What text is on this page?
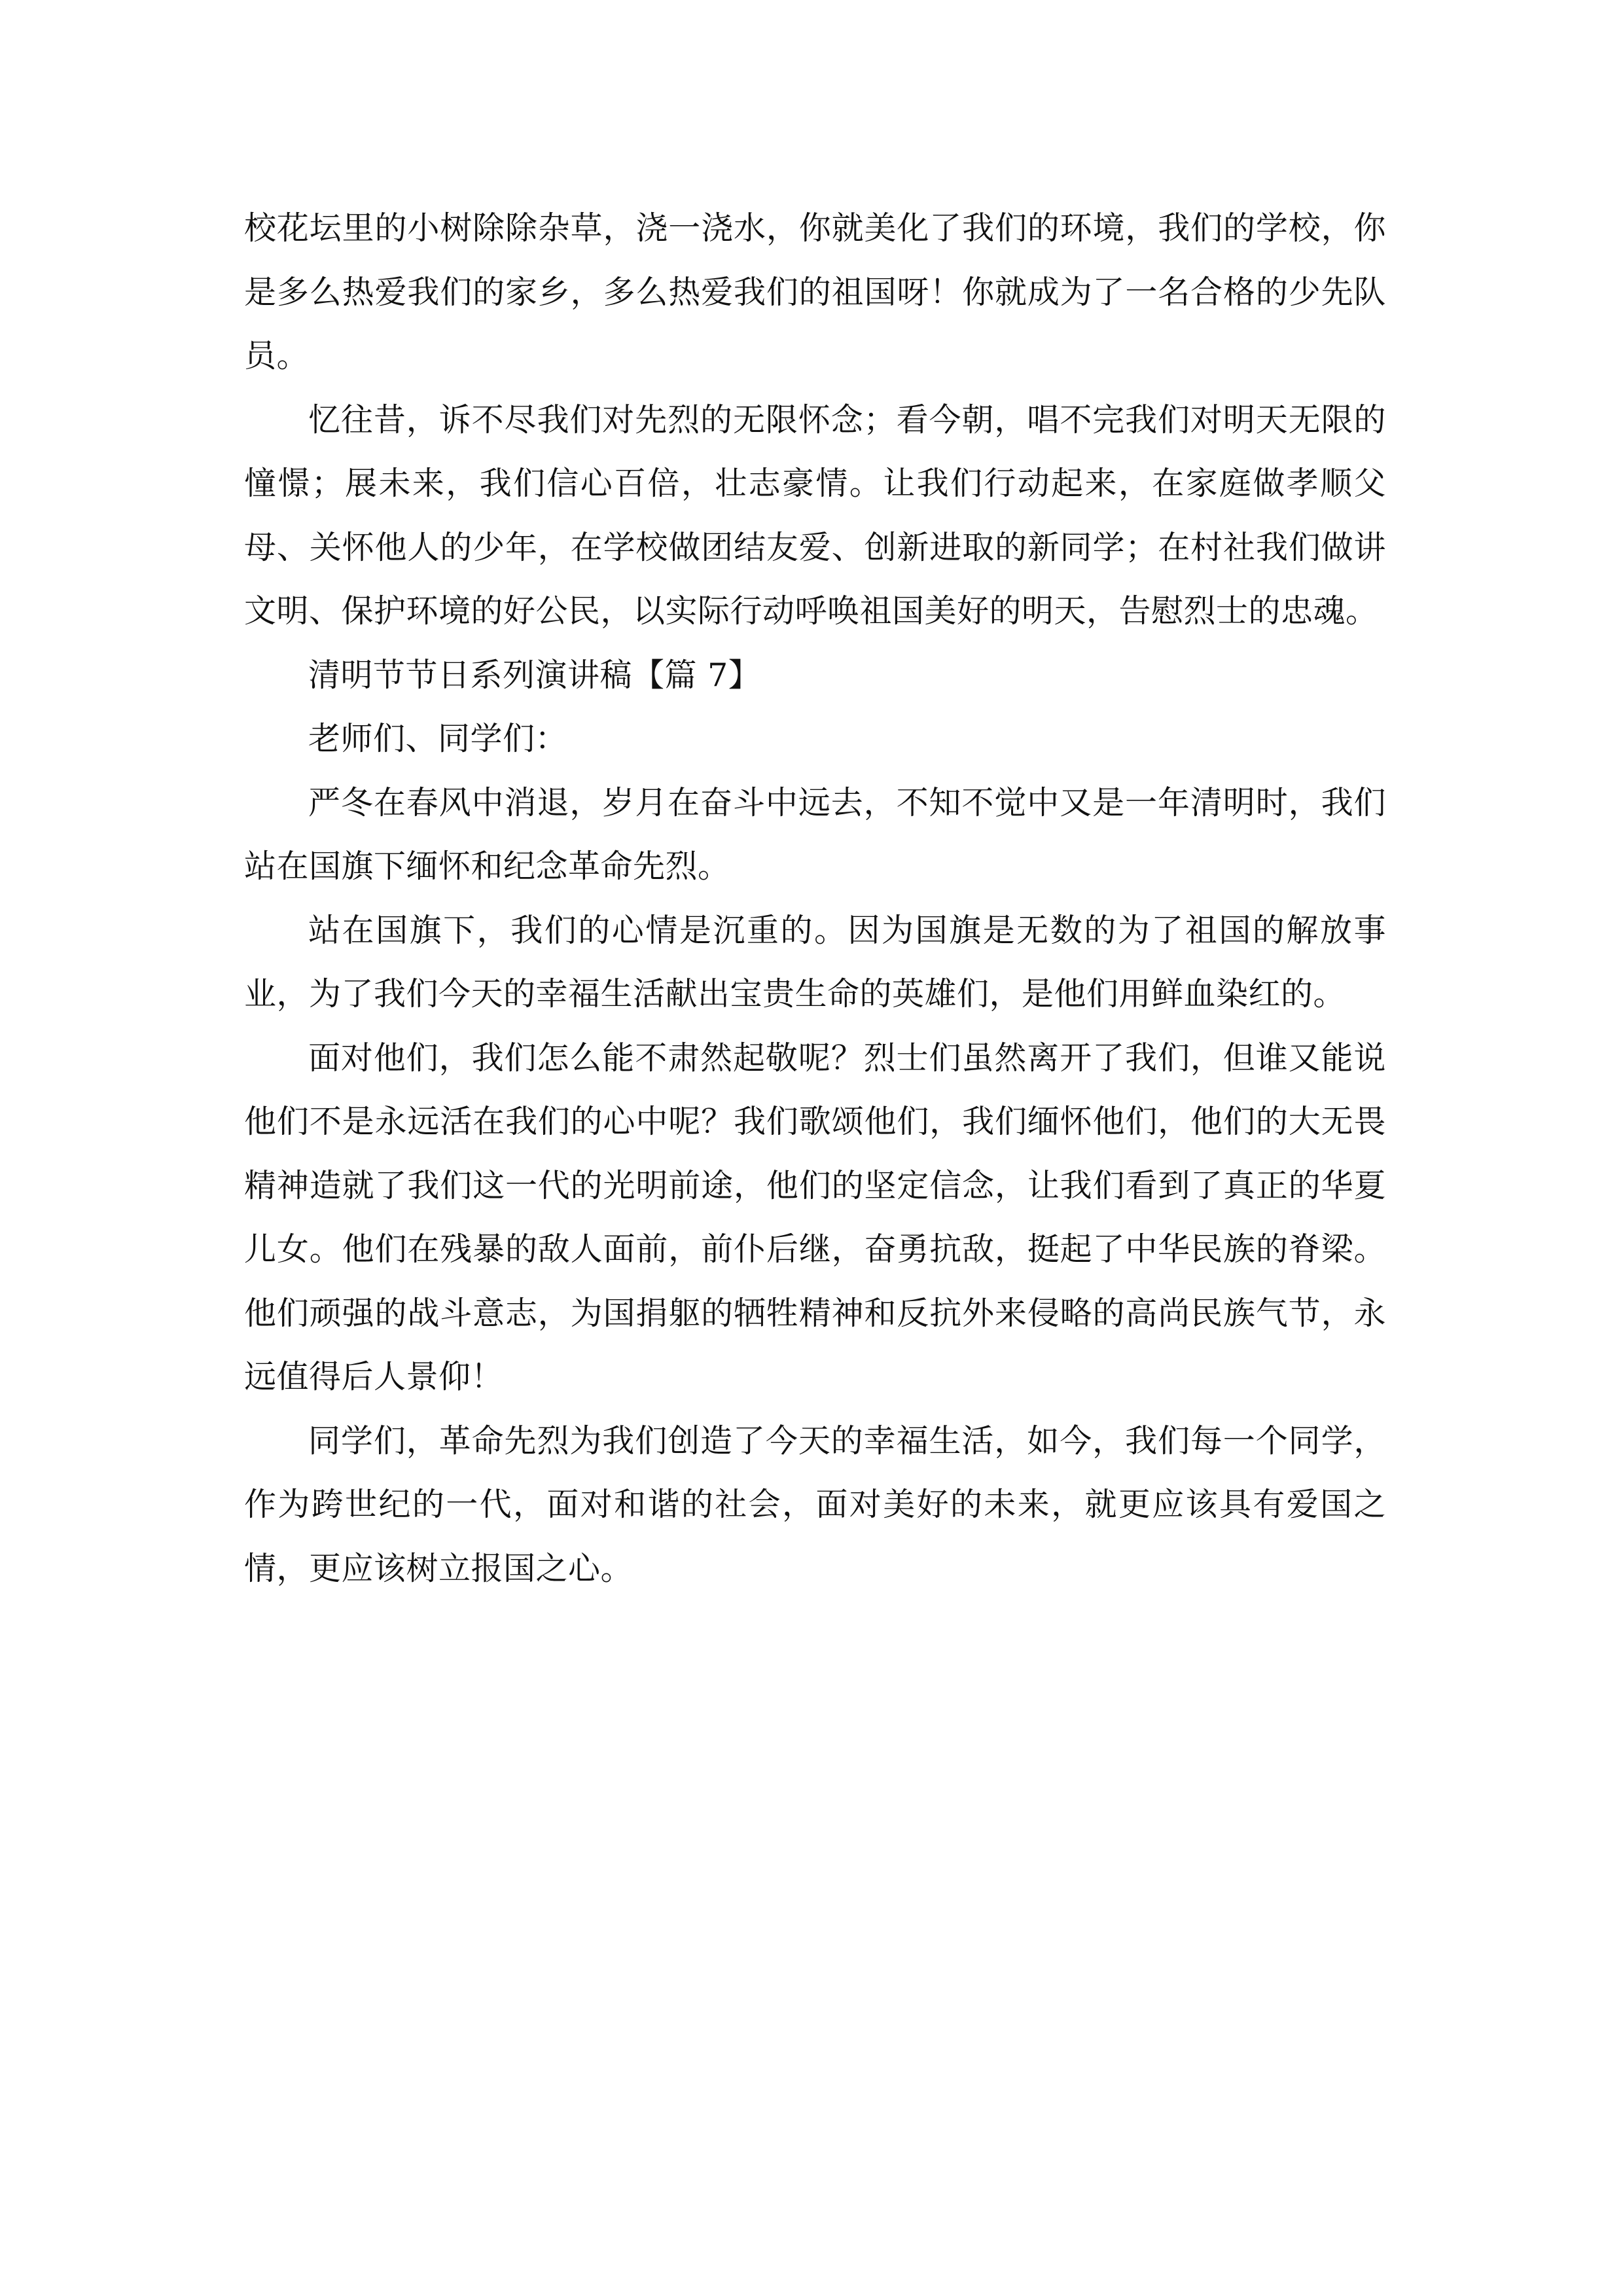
校花坛里的小树除除杂草，浇一浇水，你就美化了我们的环境，我们的学校，你是多么热爱我们的家乡，多么热爱我们的祖国呀！你就成为了一名合格的少先队员。

忆往昔，诉不尽我们对先烈的无限怀念；看今朝，唱不完我们对明天无限的憧憬；展未来，我们信心百倍，壮志豪情。让我们行动起来，在家庭做孝顺父母、关怀他人的少年，在学校做团结友爱、创新进取的新同学；在村社我们做讲文明、保护环境的好公民，以实际行动呼唤祖国美好的明天，告慰烈士的忠魂。

清明节节日系列演讲稿【篇 7】

老师们、同学们：

严冬在春风中消退，岁月在奋斗中远去，不知不觉中又是一年清明时，我们站在国旗下缅怀和纪念革命先烈。

站在国旗下，我们的心情是沉重的。因为国旗是无数的为了祖国的解放事业，为了我们今天的幸福生活献出宝贵生命的英雄们，是他们用鲜血染红的。

面对他们，我们怎么能不肃然起敬呢？烈士们虽然离开了我们，但谁又能说他们不是永远活在我们的心中呢？我们歌颂他们，我们缅怀他们，他们的大无畏精神造就了我们这一代的光明前途，他们的坚定信念，让我们看到了真正的华夏儿女。他们在残暴的敌人面前，前仆后继，奋勇抗敌，挺起了中华民族的脊梁。他们顽强的战斗意志，为国捐躯的牺牲精神和反抗外来侵略的高尚民族气节，永远值得后人景仰！

同学们，革命先烈为我们创造了今天的幸福生活，如今，我们每一个同学，作为跨世纪的一代，面对和谐的社会，面对美好的未来，就更应该具有爱国之情，更应该树立报国之心。
